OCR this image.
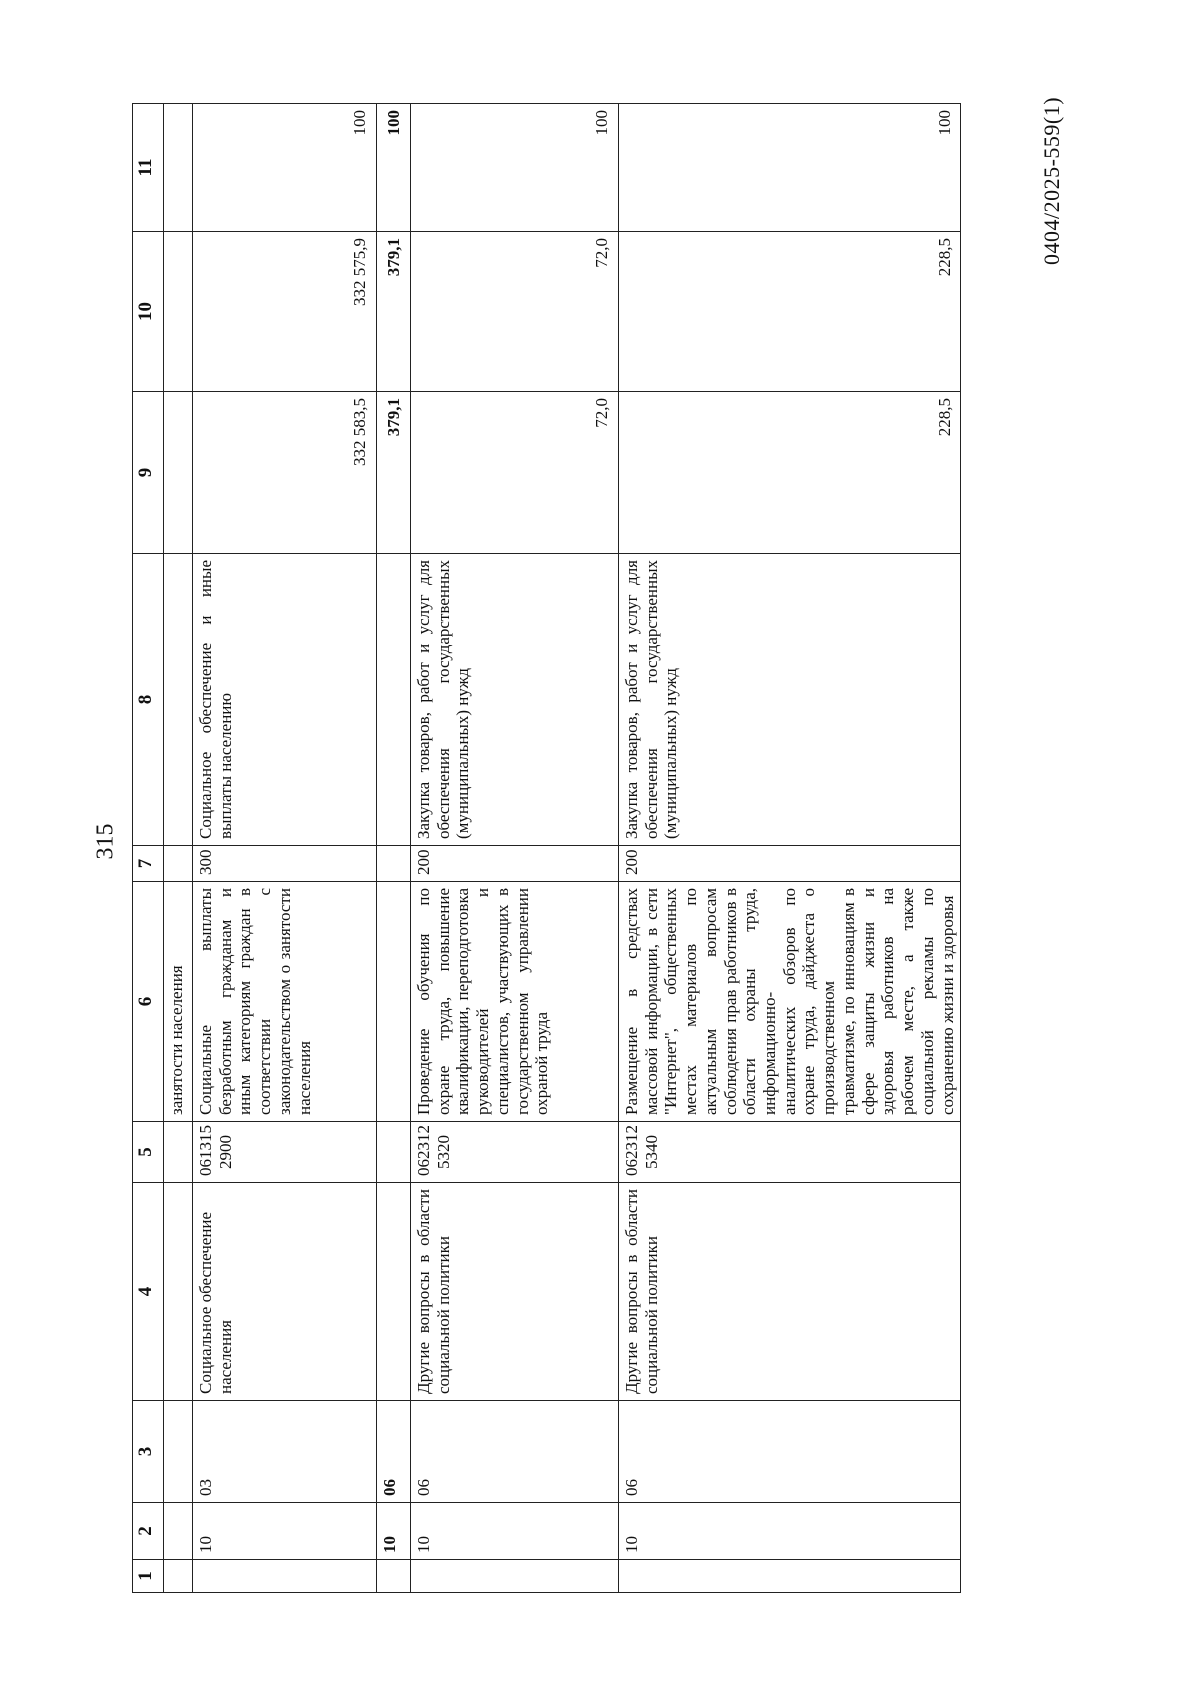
315
0404/2025-559(1)
1	2	3	4	5	6	7	8	9	10	11
					занятости населения					
	10	03	Социальное обеспечение населения	061315 2900	Социальные выплаты безработным гражданам и иным категориям граждан в соответствии с законодательством о занятости населения	300	Социальное обеспечение и иные выплаты населению	332 583,5	332 575,9	100
	10	06						379,1	379,1	100
	10	06	Другие вопросы в области социальной политики	062312 5320	Проведение обучения по охране труда, повышение квалификации, переподготовка руководителей и специалистов, участвующих в государственном управлении охраной труда	200	Закупка товаров, работ и услуг для обеспечения государственных (муниципальных) нужд	72,0	72,0	100
	10	06	Другие вопросы в области социальной политики	062312 5340	Размещение в средствах массовой информации, в сети "Интернет", общественных местах материалов по актуальным вопросам соблюдения прав работников в области охраны труда, информационно-аналитических обзоров по охране труда, дайджеста о производственном травматизме, по инновациям в сфере защиты жизни и здоровья работников на рабочем месте, а также социальной рекламы по сохранению жизни и здоровья	200	Закупка товаров, работ и услуг для обеспечения государственных (муниципальных) нужд	228,5	228,5	100
